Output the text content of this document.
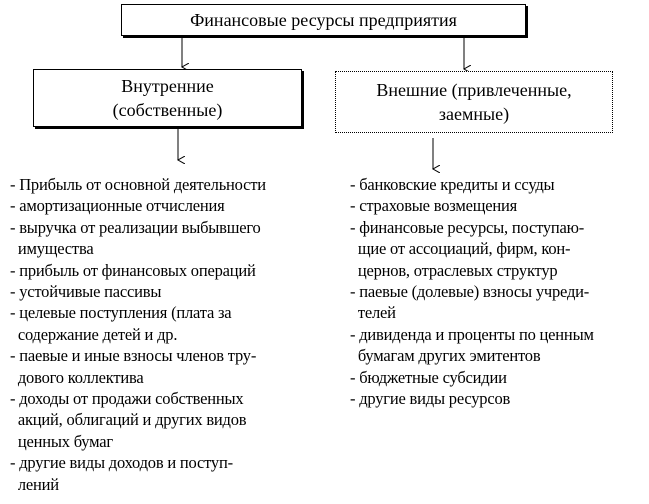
Финансовые ресурсы предприятия
Внутренние
(собственные)
Внешние (привлеченные,
заемные)
- Прибыль от основной деятельности
- амортизационные отчисления
- выручка от реализации выбывшего
имущества
- прибыль от финансовых операций
- устойчивые пассивы
- целевые поступления (плата за
содержание детей и др.
- паевые и иные взносы членов тру-
дового коллектива
- доходы от продажи собственных
акций, облигаций и других видов
ценных бумаг
- другие виды доходов и поступ-
лений
- банковские кредиты и ссуды
- страховые возмещения
- финансовые ресурсы, поступаю-
щие от ассоциаций, фирм, кон-
цернов, отраслевых структур
- паевые (долевые) взносы учреди-
телей
- дивиденда и проценты по ценным
бумагам других эмитентов
- бюджетные субсидии
- другие виды ресурсов
